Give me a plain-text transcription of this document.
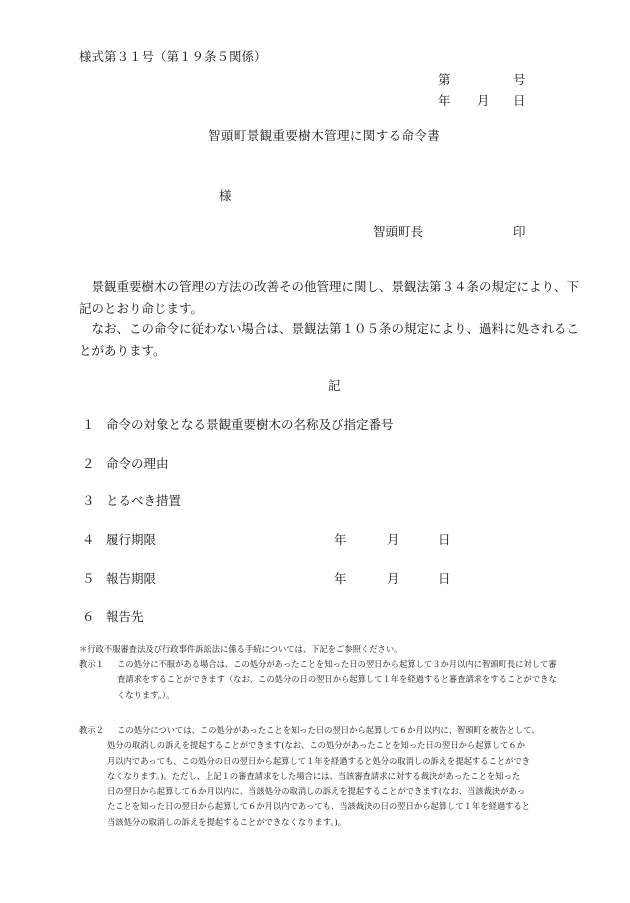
様式第３１号（第１９条５関係）
第	号
年 月 日
智頭町景観重要樹木管理に関する命令書
様
智頭町長	印
景観重要樹木の管理の方法の改善その他管理に関し、景観法第３４条の規定により、下
記のとおり命じます。
なお、この命令に従わない場合は、景観法第１０５条の規定により、過料に処されるこ
とがあります。
記
１ 命令の対象となる景観重要樹木の名称及び指定番号
２ 命令の理由
３ とるべき措置
４ 履行期限	年	月	日
５ 報告期限	年	月	日
６ 報告先
＊行政不服審査法及び行政事件訴訟法に係る手続については、下記をご参照ください。
教示１ この処分に不服がある場合は、この処分があったことを知った日の翌日から起算して３か月以内に智頭町長に対して審
査請求をすることができます（なお、この処分の日の翌日から起算して１年を経過すると審査請求をすることができな
くなります。）。
教示２ この処分については、この処分があったことを知った日の翌日から起算して６か月以内に、智頭町を被告として、
処分の取消しの訴えを提起することができます(なお、この処分があったことを知った日の翌日から起算して６か
月以内であっても、この処分の日の翌日から起算して１年を経過すると処分の取消しの訴えを提起することができ
なくなります。)。ただし、上記１の審査請求をした場合には、当該審査請求に対する裁決があったことを知った
日の翌日から起算して６か月以内に、当該処分の取消しの訴えを提起することができます(なお、当該裁決があっ
たことを知った日の翌日から起算して６か月以内であっても、当該裁決の日の翌日から起算して１年を経過すると
当該処分の取消しの訴えを提起することができなくなります。)。
